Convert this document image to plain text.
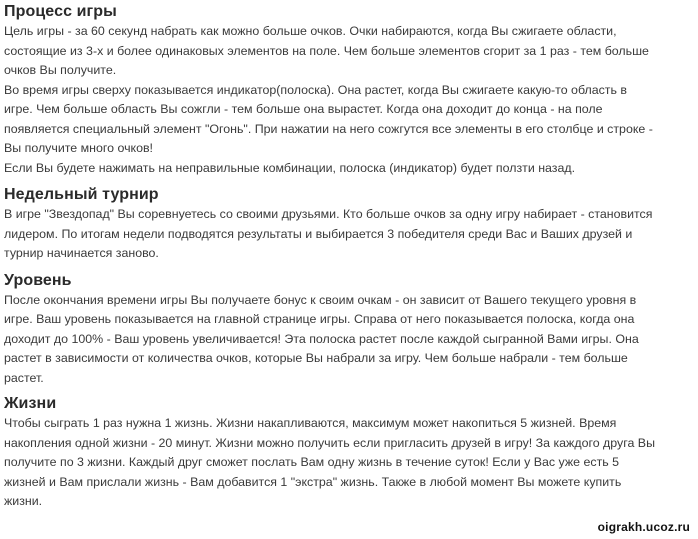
Процесс игры

Цель игры - за 60 секунд набрать как можно больше очков. Очки набираются, когда Вы сжигаете области,
состоящие из 3-х и более одинаковых элементов на поле. Чем больше элементов сгорит за 1 раз - тем больше
очков Вы получите.
Во время игры сверху показывается индикатор(полоска). Она растет, когда Вы сжигаете какую-то область в
игре. Чем больше область Вы сожгли - тем больше она вырастет. Когда она доходит до конца - на поле
появляется специальный элемент "Огонь". При нажатии на него сожгутся все элементы в его столбце и строке -
Вы получите много очков!
Если Вы будете нажимать на неправильные комбинации, полоска (индикатор) будет ползти назад.

Недельный турнир

В игре "Звездопад" Вы соревнуетесь со своими друзьями. Кто больше очков за одну игру набирает - становится
лидером. По итогам недели подводятся результаты и выбирается 3 победителя среди Вас и Ваших друзей и
турнир начинается заново.

Уровень

После окончания времени игры Вы получаете бонус к своим очкам - он зависит от Вашего текущего уровня в
игре. Ваш уровень показывается на главной странице игры. Справа от него показывается полоска, когда она
доходит до 100% - Ваш уровень увеличивается! Эта полоска растет после каждой сыгранной Вами игры. Она
растет в зависимости от количества очков, которые Вы набрали за игру. Чем больше набрали - тем больше
растет.

Жизни

Чтобы сыграть 1 раз нужна 1 жизнь. Жизни накапливаются, максимум может накопиться 5 жизней. Время
накопления одной жизни - 20 минут. Жизни можно получить если пригласить друзей в игру! За каждого друга Вы
получите по 3 жизни. Каждый друг сможет послать Вам одну жизнь в течение суток! Если у Вас уже есть 5
жизней и Вам прислали жизнь - Вам добавится 1 "экстра" жизнь. Также в любой момент Вы можете купить
жизни.

oigrakh.ucoz.ru
